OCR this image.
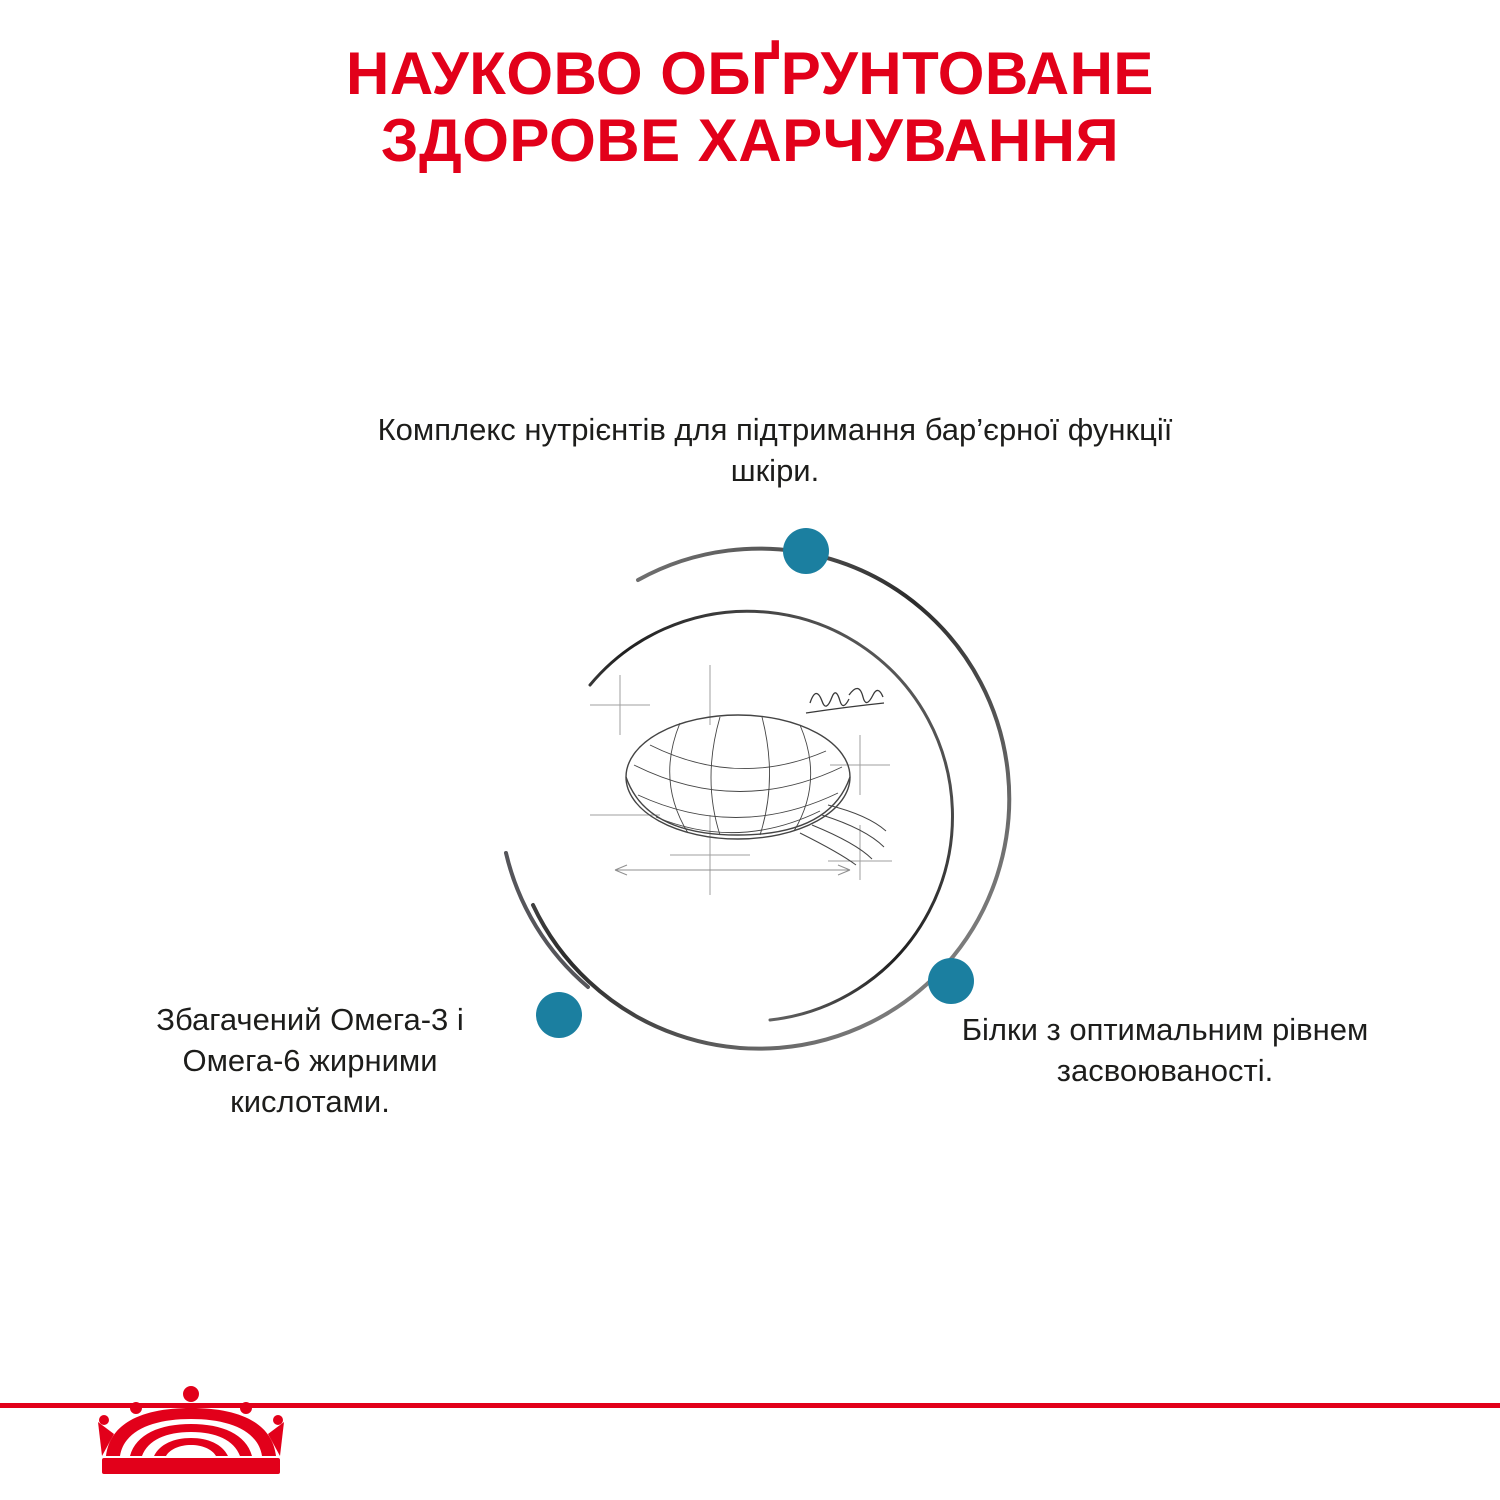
НАУКОВО ОБҐРУНТОВАНЕ
ЗДОРОВЕ ХАРЧУВАННЯ
Комплекс нутрієнтів для підтримання бар’єрної функції шкіри.
Збагачений Омега-3 і Омега-6 жирними кислотами.
Білки з оптимальним рівнем засвоюваності.
